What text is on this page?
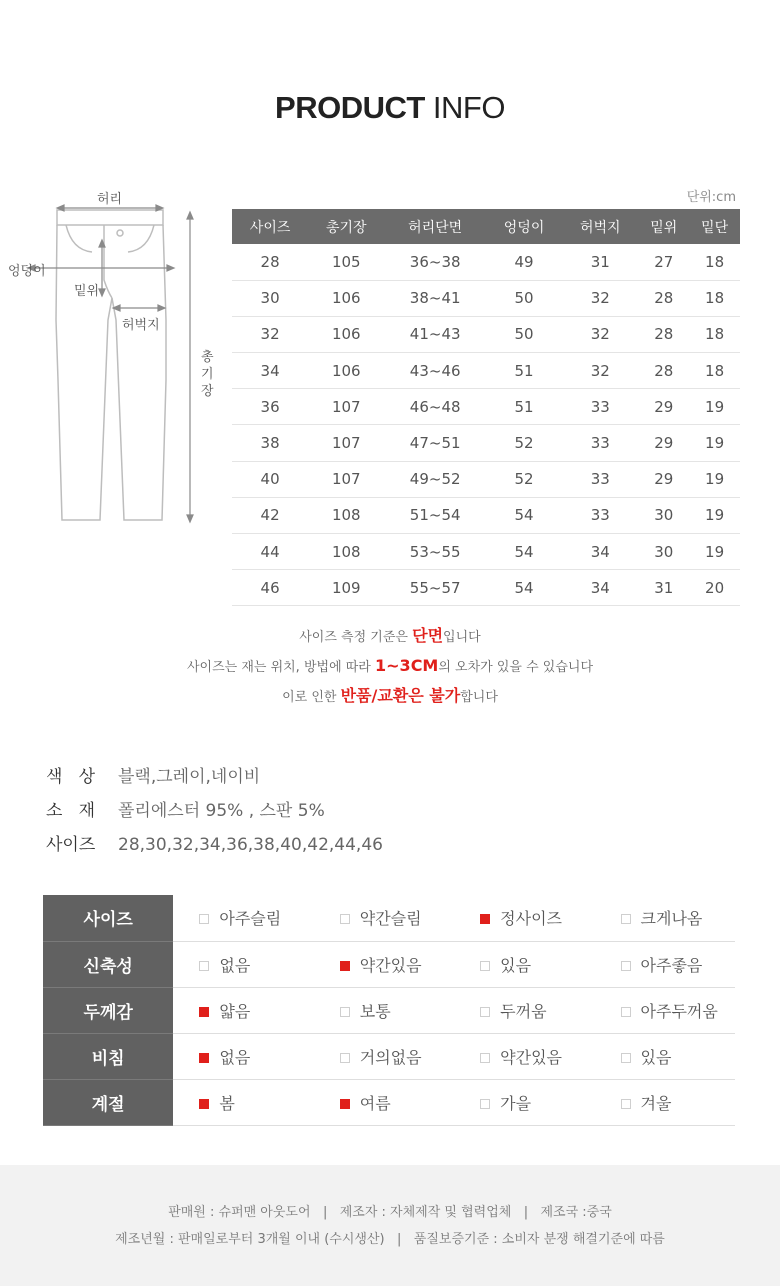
PRODUCT INFO
허리
엉덩이
밑위
허벅지
총
기
장
단위:cm
사이즈	총기장	허리단면	엉덩이	허벅지	밑위	밑단
28	105	36~38	49	31	27	18
30	106	38~41	50	32	28	18
32	106	41~43	50	32	28	18
34	106	43~46	51	32	28	18
36	107	46~48	51	33	29	19
38	107	47~51	52	33	29	19
40	107	49~52	52	33	29	19
42	108	51~54	54	33	30	19
44	108	53~55	54	34	30	19
46	109	55~57	54	34	31	20
사이즈 측정 기준은 단면입니다
사이즈는 재는 위치, 방법에 따라 1~3CM의 오차가 있을 수 있습니다
이로 인한 반품/교환은 불가합니다
색   상 블랙,그레이,네이비
소   재 폴리에스터 95% , 스판 5%
사이즈 28,30,32,34,36,38,40,42,44,46
사이즈	아주슬림	약간슬림	정사이즈	크게나옴
신축성	없음	약간있음	있음	아주좋음
두께감	얇음	보통	두꺼움	아주두꺼움
비침	없음	거의없음	약간있음	있음
계절	봄	여름	가을	겨울
판매원 : 슈퍼맨 아웃도어   |   제조자 : 자체제작 및 협력업체   |   제조국 :중국
제조년월 : 판매일로부터 3개월 이내 (수시생산)   |   품질보증기준 : 소비자 분쟁 해결기준에 따름
